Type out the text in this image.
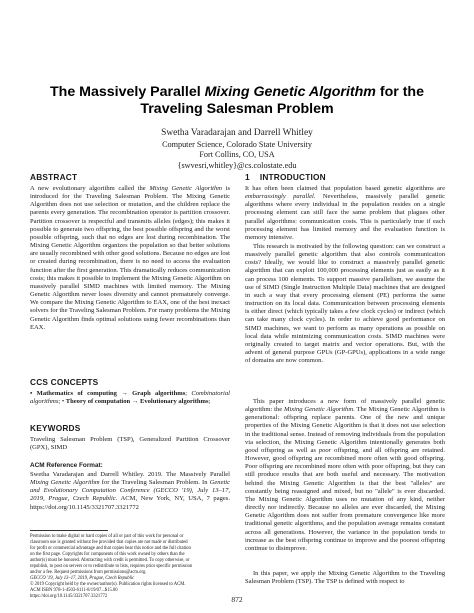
The Massively Parallel Mixing Genetic Algorithm for the
Traveling Salesman Problem
Swetha Varadarajan and Darrell Whitley
Computer Science, Colorado State University
Fort Collins, CO, USA
{swvesri,whitley}@cs.colostate.edu
ABSTRACT
A new evolutionary algorithm called the Mixing Genetic Algorithm is introduced for the Traveling Salesman Problem. The Mixing Genetic Algorithm does not use selection or mutation, and the children replace the parents every generation. The recombination operator is partition crossover. Partition crossover is respectful and transmits alleles (edges); this makes it possible to generate two offspring, the best possible offspring and the worst possible offspring, such that no edges are lost during recombination. The Mixing Genetic Algorithm organizes the population so that better solutions are usually recombined with other good solutions. Because no edges are lost or created during recombination, there is no need to access the evaluation function after the first generation. This dramatically reduces communication costs; this makes it possible to implement the Mixing Genetic Algorithm on massively parallel SIMD machines with limited memory. The Mixing Genetic Algorithm never loses diversity and cannot prematurely converge. We compare the Mixing Genetic Algorithm to EAX, one of the best inexact solvers for the Traveling Salesman Problem. For many problems the Mixing Genetic Algorithm finds optimal solutions using fewer recombinations than EAX.
CCS CONCEPTS
• Mathematics of computing → Graph algorithms; Combinatorial algorithms; • Theory of computation → Evolutionary algorithms;
KEYWORDS
Traveling Salesman Problem (TSP), Generalized Partition Crossover (GPX), SIMD
ACM Reference Format:
Swetha Varadarajan and Darrell Whitley. 2019. The Massively Parallel Mixing Genetic Algorithm for the Traveling Salesman Problem. In Genetic and Evolutionary Computation Conference (GECCO '19), July 13–17, 2019, Prague, Czech Republic. ACM, New York, NY, USA, 7 pages. https://doi.org/10.1145/3321707.3321772
Permission to make digital or hard copies of all or part of this work for personal or
classroom use is granted without fee provided that copies are not made or distributed
for profit or commercial advantage and that copies bear this notice and the full citation
on the first page. Copyrights for components of this work owned by others than the
author(s) must be honored. Abstracting with credit is permitted. To copy otherwise, or
republish, to post on servers or to redistribute to lists, requires prior specific permission
and/or a fee. Request permissions from permissions@acm.org.
GECCO '19, July 13–17, 2019, Prague, Czech Republic
© 2019 Copyright held by the owner/author(s). Publication rights licensed to ACM.
ACM ISBN 978-1-4503-6111-8/19/07...$15.00
https://doi.org/10.1145/3321707.3321772
1 INTRODUCTION
It has often been claimed that population based genetic algorithms are embarrassingly parallel. Nevertheless, massively parallel genetic algorithms where every individual in the population resides on a single processing element can still face the same problem that plagues other parallel algorithms: communication costs. This is particularly true if each processing element has limited memory and the evaluation function is memory intensive.
This research is motivated by the following question: can we construct a massively parallel genetic algorithm that also controls communication costs? Ideally, we would like to construct a massively parallel genetic algorithm that can exploit 100,000 processing elements just as easily as it can process 100 elements. To support massive parallelism, we assume the use of SIMD (Single Instruction Multiple Data) machines that are designed in such a way that every processing element (PE) performs the same instruction on its local data. Communication between processing elements is either direct (which typically takes a few clock cycles) or indirect (which can take many clock cycles). In order to achieve good performance on SIMD machines, we want to perform as many operations as possible on local data while minimizing communication costs. SIMD machines were originally created to target matrix and vector operations. But, with the advent of general purpose GPUs (GP-GPUs), applications in a wide range of domains are now common.
This paper introduces a new form of massively parallel genetic algorithm: the Mixing Genetic Algorithm. The Mixing Genetic Algorithm is generational: offspring replace parents. One of the new and unique properties of the Mixing Genetic Algorithm is that it does not use selection in the traditional sense. Instead of removing individuals from the population via selection, the Mixing Genetic Algorithm intentionally generates both good offspring as well as poor offspring, and all offspring are retained. However, good offspring are recombined more often with good offspring. Poor offspring are recombined more often with poor offspring, but they can still produce results that are both useful and necessary. The motivation behind the Mixing Genetic Algorithm is that the best "alleles" are constantly being reassigned and mixed, but no "allele" is ever discarded. The Mixing Genetic Algorithm uses no mutation of any kind, neither directly nor indirectly. Because no alleles are ever discarded, the Mixing Genetic Algorithm does not suffer from premature convergence like more traditional genetic algorithms, and the population average remains constant across all generations. However, the variance in the population tends to increase as the best offspring continue to improve and the poorest offspring continue to disimprove.
In this paper, we apply the Mixing Genetic Algorithm to the Traveling Salesman Problem (TSP). The TSP is defined with respect to
872
